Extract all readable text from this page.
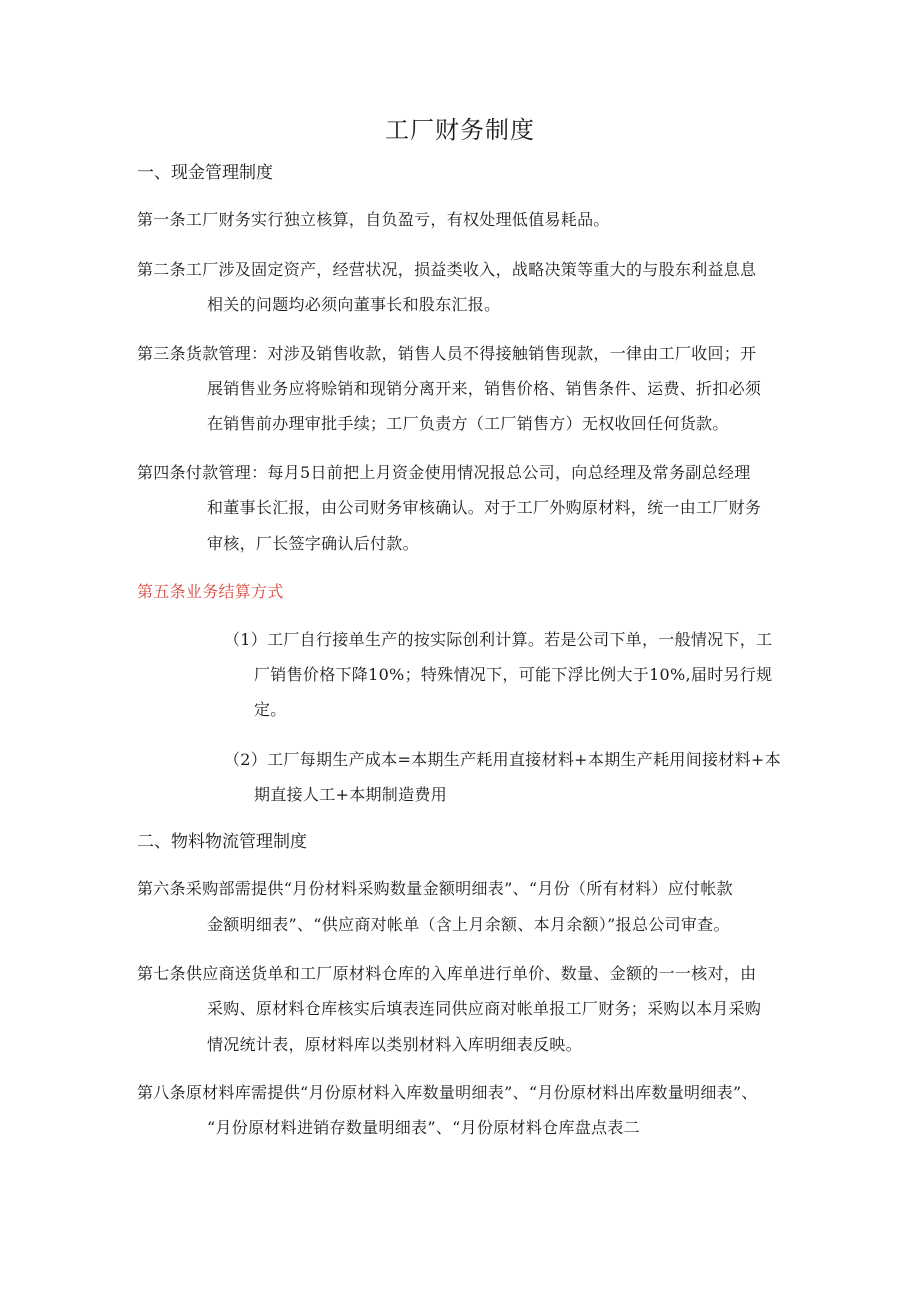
工厂财务制度
一、现金管理制度
第一条工厂财务实行独立核算，自负盈亏，有权处理低值易耗品。
第二条工厂涉及固定资产，经营状况，损益类收入，战略决策等重大的与股东利益息息
相关的问题均必须向董事长和股东汇报。
第三条货款管理：对涉及销售收款，销售人员不得接触销售现款，一律由工厂收回；开
展销售业务应将赊销和现销分离开来，销售价格、销售条件、运费、折扣必须
在销售前办理审批手续；工厂负责方（工厂销售方）无权收回任何货款。
第四条付款管理：每月5日前把上月资金使用情况报总公司，向总经理及常务副总经理
和董事长汇报，由公司财务审核确认。对于工厂外购原材料，统一由工厂财务
审核，厂长签字确认后付款。
第五条业务结算方式
（1）工厂自行接单生产的按实际创利计算。若是公司下单，一般情况下，工
厂销售价格下降10%；特殊情况下，可能下浮比例大于10%,届时另行规
定。
（2）工厂每期生产成本=本期生产耗用直接材料+本期生产耗用间接材料+本
期直接人工+本期制造费用
二、物料物流管理制度
第六条采购部需提供“月份材料采购数量金额明细表”、“月份（所有材料）应付帐款
金额明细表”、“供应商对帐单（含上月余额、本月余额）”报总公司审查。
第七条供应商送货单和工厂原材料仓库的入库单进行单价、数量、金额的一一核对，由
采购、原材料仓库核实后填表连同供应商对帐单报工厂财务；采购以本月采购
情况统计表，原材料库以类别材料入库明细表反映。
第八条原材料库需提供“月份原材料入库数量明细表”、“月份原材料出库数量明细表”、
“月份原材料进销存数量明细表”、“月份原材料仓库盘点表二
